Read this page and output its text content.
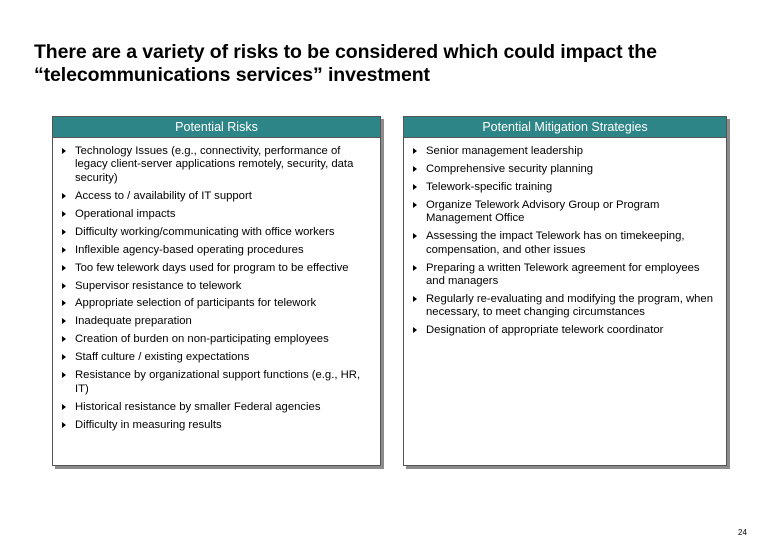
There are a variety of risks to be considered which could impact the “telecommunications services” investment
Potential Risks
Technology Issues (e.g., connectivity, performance of legacy client-server applications remotely, security, data security)
Access to / availability of IT support
Operational impacts
Difficulty working/communicating with office workers
Inflexible agency-based operating procedures
Too few telework days used for program to be effective
Supervisor resistance to telework
Appropriate selection of participants for telework
Inadequate preparation
Creation of burden on non-participating employees
Staff culture / existing expectations
Resistance by organizational support functions (e.g., HR, IT)
Historical resistance by smaller Federal agencies
Difficulty in measuring results
Potential Mitigation Strategies
Senior management leadership
Comprehensive security planning
Telework-specific training
Organize Telework Advisory Group or Program Management Office
Assessing the impact Telework has on timekeeping, compensation, and other issues
Preparing a written Telework agreement for employees and managers
Regularly re-evaluating and modifying the program, when necessary, to meet changing circumstances
Designation of appropriate telework coordinator
24
